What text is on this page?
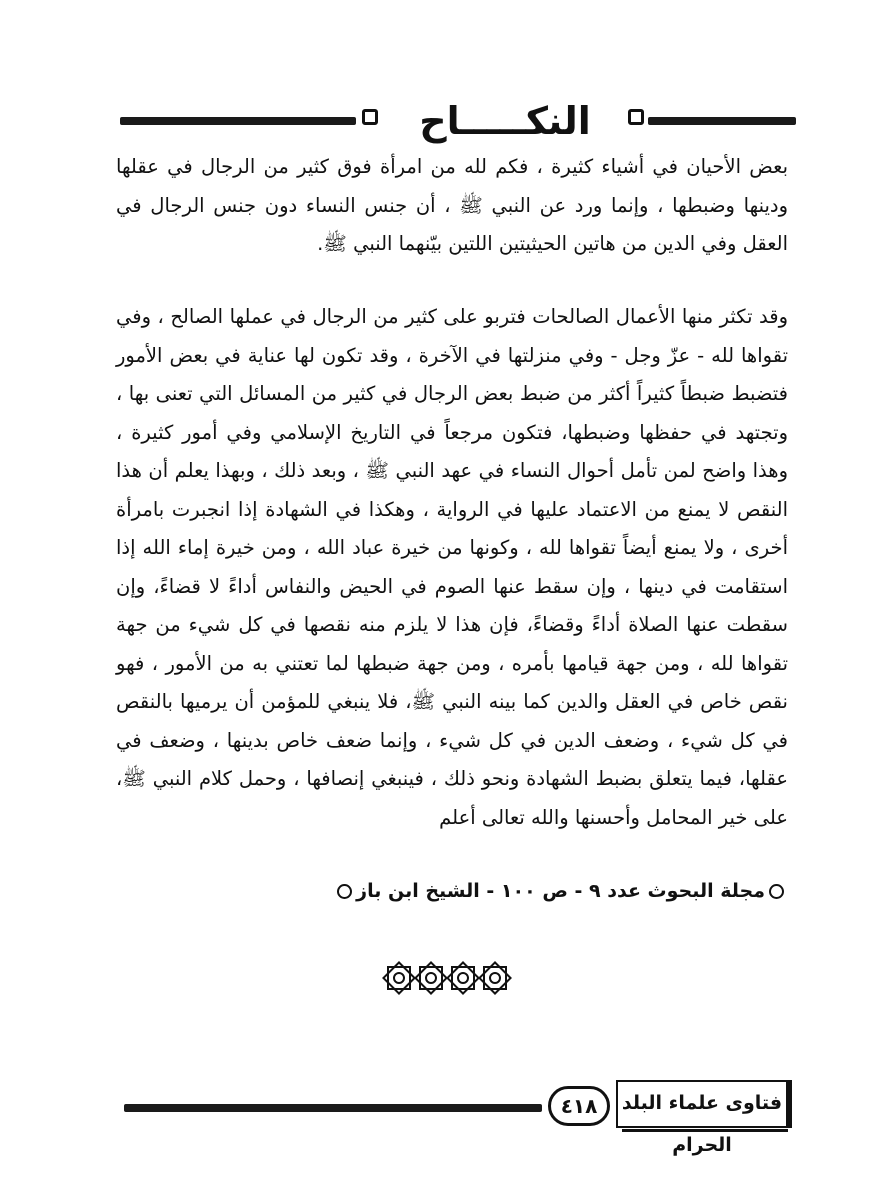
النكـــــاح

بعض الأحيان في أشياء كثيرة ، فكم لله من امرأة فوق كثير من الرجال في عقلها ودينها وضبطها ، وإنما ورد عن النبي ﷺ ، أن جنس النساء دون جنس الرجال في العقل وفي الدين من هاتين الحيثيتين اللتين بيّنهما النبي ﷺ.

وقد تكثر منها الأعمال الصالحات فتربو على كثير من الرجال في عملها الصالح ، وفي تقواها لله - عزّ وجل - وفي منزلتها في الآخرة ، وقد تكون لها عناية في بعض الأمور فتضبط ضبطاً كثيراً أكثر من ضبط بعض الرجال في كثير من المسائل التي تعنى بها ، وتجتهد في حفظها وضبطها، فتكون مرجعاً في التاريخ الإسلامي وفي أمور كثيرة ، وهذا واضح لمن تأمل أحوال النساء في عهد النبي ﷺ ، وبعد ذلك ، وبهذا يعلم أن هذا النقص لا يمنع من الاعتماد عليها في الرواية ، وهكذا في الشهادة إذا انجبرت بامرأة أخرى ، ولا يمنع أيضاً تقواها لله ، وكونها من خيرة عباد الله ، ومن خيرة إماء الله إذا استقامت في دينها ، وإن سقط عنها الصوم في الحيض والنفاس أداءً لا قضاءً، وإن سقطت عنها الصلاة أداءً وقضاءً، فإن هذا لا يلزم منه نقصها في كل شيء من جهة تقواها لله ، ومن جهة قيامها بأمره ، ومن جهة ضبطها لما تعتني به من الأمور ، فهو نقص خاص في العقل والدين كما بينه النبي ﷺ، فلا ينبغي للمؤمن أن يرميها بالنقص في كل شيء ، وضعف الدين في كل شيء ، وإنما ضعف خاص بدينها ، وضعف في عقلها، فيما يتعلق بضبط الشهادة ونحو ذلك ، فينبغي إنصافها ، وحمل كلام النبي ﷺ، على خير المحامل وأحسنها والله تعالى أعلم

مجلة البحوث عدد ٩ - ص ١٠٠ - الشيخ ابن باز
٤١٨	فتاوى علماء البلد الحرام
